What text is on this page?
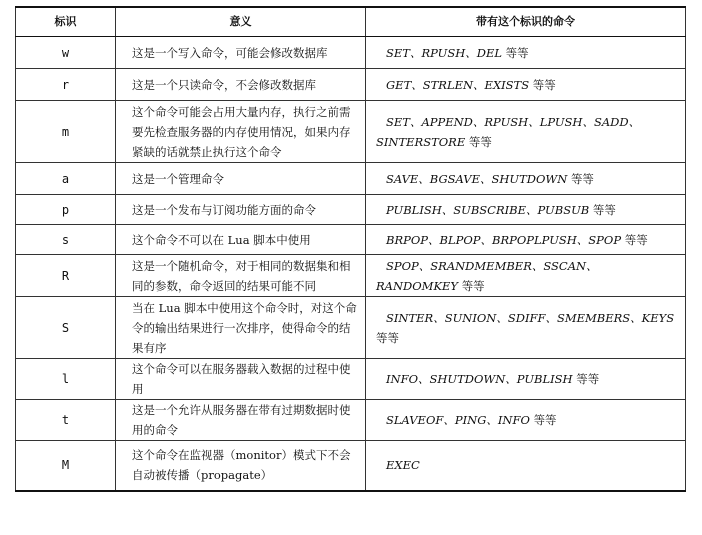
标识	意义	带有这个标识的命令
w	这是一个写入命令，可能会修改数据库	SET、RPUSH、DEL 等等

r	这是一个只读命令，不会修改数据库	GET、STRLEN、EXISTS 等等

m	这个命令可能会占用大量内存，执行之前需要先检查服务器的内存使用情况，如果内存紧缺的话就禁止执行这个命令	SET、APPEND、RPUSH、LPUSH、SADD、SINTERSTORE 等等

a	这是一个管理命令	SAVE、BGSAVE、SHUTDOWN 等等

p	这是一个发布与订阅功能方面的命令	PUBLISH、SUBSCRIBE、PUBSUB 等等

s	这个命令不可以在 Lua 脚本中使用	BRPOP、BLPOP、BRPOPLPUSH、SPOP 等等

R	这是一个随机命令，对于相同的数据集和相同的参数，命令返回的结果可能不同	SPOP、SRANDMEMBER、SSCAN、RANDOMKEY 等等

S	当在 Lua 脚本中使用这个命令时，对这个命令的输出结果进行一次排序，使得命令的结果有序	SINTER、SUNION、SDIFF、SMEMBERS、KEYS 等等

l	这个命令可以在服务器载入数据的过程中使用	INFO、SHUTDOWN、PUBLISH 等等

t	这是一个允许从服务器在带有过期数据时使用的命令	SLAVEOF、PING、INFO 等等

M	这个命令在监视器（monitor）模式下不会自动被传播（propagate）	EXEC
